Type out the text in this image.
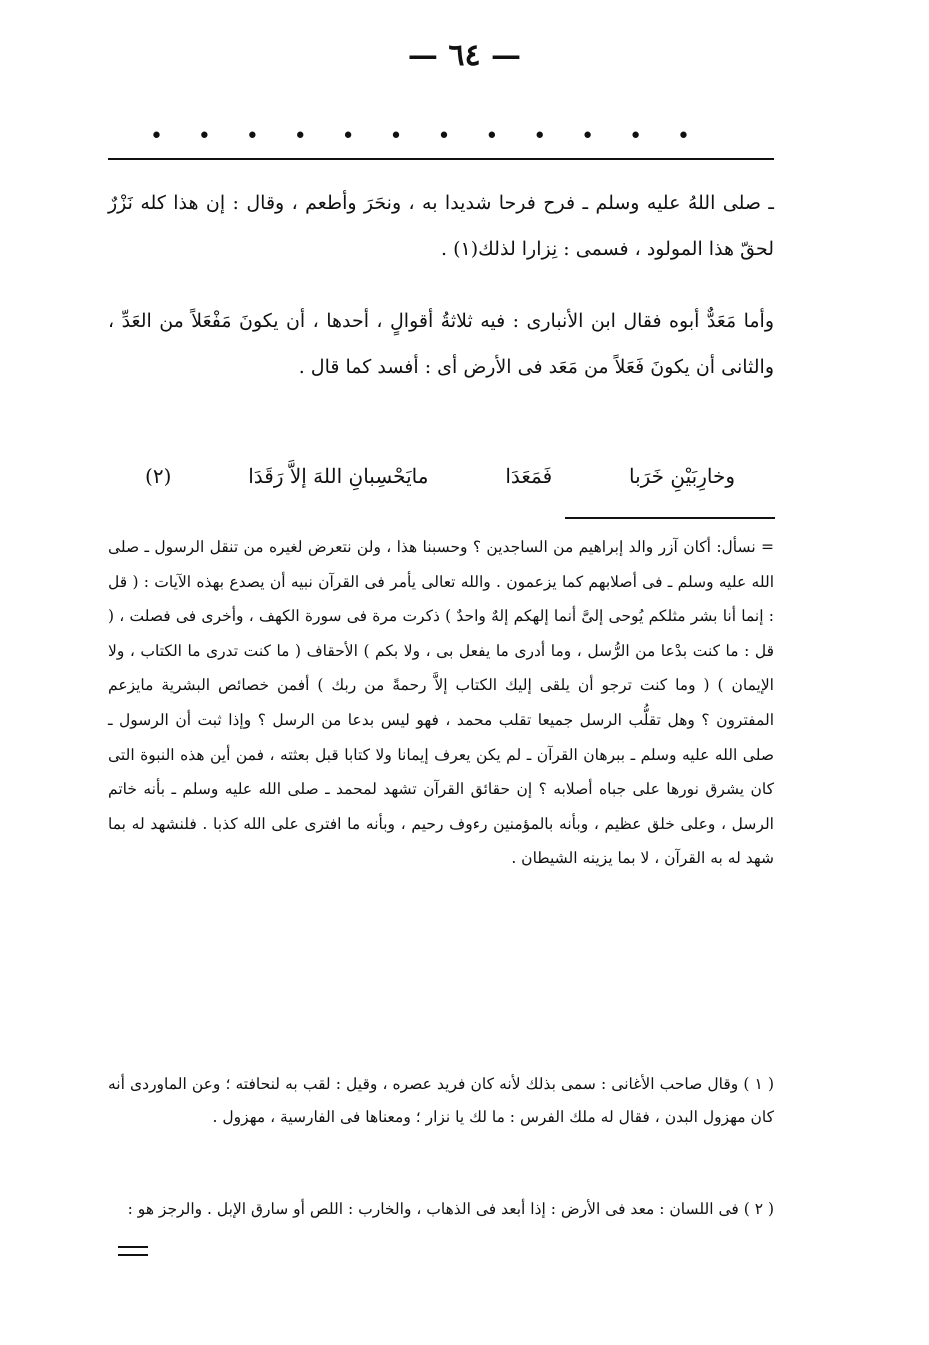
— ٦٤ —
• • • • • • • • • • • •

ـ صلى اللهُ عليه وسلم ـ فرح فرحا شديدا به ، ونحَرَ وأطعم ، وقال : إن هذا كله نَزْرٌ لحقّ هذا المولود ، فسمى : نِزارا لذلك(١) .

وأما مَعَدٌّ أبوه فقال ابن الأنبارى : فيه ثلاثةُ أقوالٍ ، أحدها ، أن يكونَ مَفْعَلاً من العَدِّ ، والثانى أن يكونَ فَعَلاً من مَعَد فى الأرض أى : أفسد كما قال .

وخارِبَيْنِ خَرَبا
فَمَعَدَا
مايَحْسِبانِ اللهَ إلاَّ رَقَدَا
(٢)

= نسأل: أكان آزر والد إبراهيم من الساجدين ؟ وحسبنا هذا ، ولن نتعرض لغيره من تنقل الرسول ـ صلى الله عليه وسلم ـ فى أصلابهم كما يزعمون . والله تعالى يأمر فى القرآن نبيه أن يصدع بهذه الآيات : ( قل : إنما أنا بشر مثلكم يُوحى إلىَّ أنما إلهكم إلهٌ واحدٌ ) ذكرت مرة فى سورة الكهف ، وأخرى فى فصلت ، ( قل : ما كنت بدْعا من الرُّسل ، وما أدرى ما يفعل بى ، ولا بكم ) الأحقاف ( ما كنت تدرى ما الكتاب ، ولا الإيمان ) ( وما كنت ترجو أن يلقى إليك الكتاب إلاَّ رحمةً من ربك ) أفمن خصائص البشرية مايزعم المفترون ؟ وهل تقلُّب الرسل جميعا تقلب محمد ، فهو ليس بدعا من الرسل ؟ وإذا ثبت أن الرسول ـ صلى الله عليه وسلم ـ ببرهان القرآن ـ لم يكن يعرف إيمانا ولا كتابا قبل بعثته ، فمن أين هذه النبوة التى كان يشرق نورها على جباه أصلابه ؟ إن حقائق القرآن تشهد لمحمد ـ صلى الله عليه وسلم ـ بأنه خاتم الرسل ، وعلى خلق عظيم ، وبأنه بالمؤمنين رءوف رحيم ، وبأنه ما افترى على الله كذبا . فلنشهد له بما شهد له به القرآن ، لا بما يزينه الشيطان .

( ١ ) وقال صاحب الأغانى : سمى بذلك لأنه كان فريد عصره ، وقيل : لقب به لنحافته ؛ وعن الماوردى أنه كان مهزول البدن ، فقال له ملك الفرس : ما لك يا نزار ؛ ومعناها فى الفارسية ، مهزول .

( ٢ ) فى اللسان : معد فى الأرض : إذا أبعد فى الذهاب ، والخارب : اللص أو سارق الإبل . والرجز هو :
